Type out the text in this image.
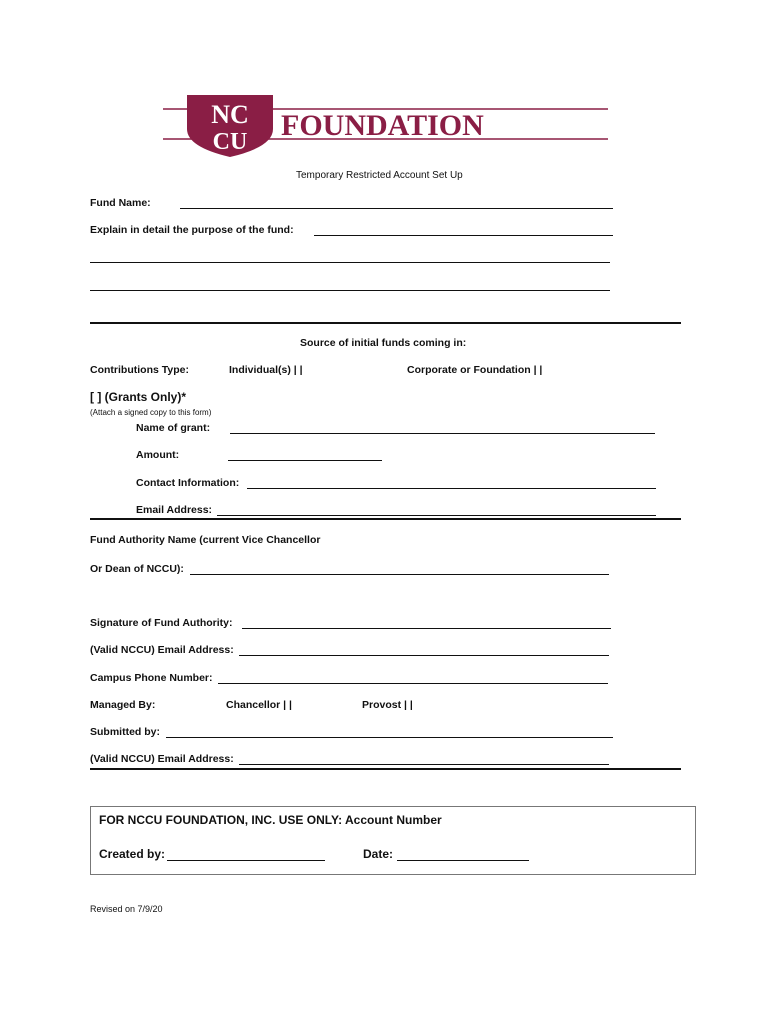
NC
CU FOUNDATION
Temporary Restricted Account Set Up
Fund Name:
Explain in detail the purpose of the fund:
Source of initial funds coming in:
Contributions Type:	Individual(s) | |	Corporate or Foundation | |
[ ] (Grants Only)*
(Attach a signed copy to this form)
Name of grant:
Amount:
Contact Information:
Email Address:
Fund Authority Name (current Vice Chancellor
Or Dean of NCCU):
Signature of Fund Authority:
(Valid NCCU) Email Address:
Campus Phone Number:
Managed By:	Chancellor | |	Provost | |
Submitted by:
(Valid NCCU) Email Address:
FOR NCCU FOUNDATION, INC. USE ONLY: Account Number
Created by:	Date:
Revised on 7/9/20
